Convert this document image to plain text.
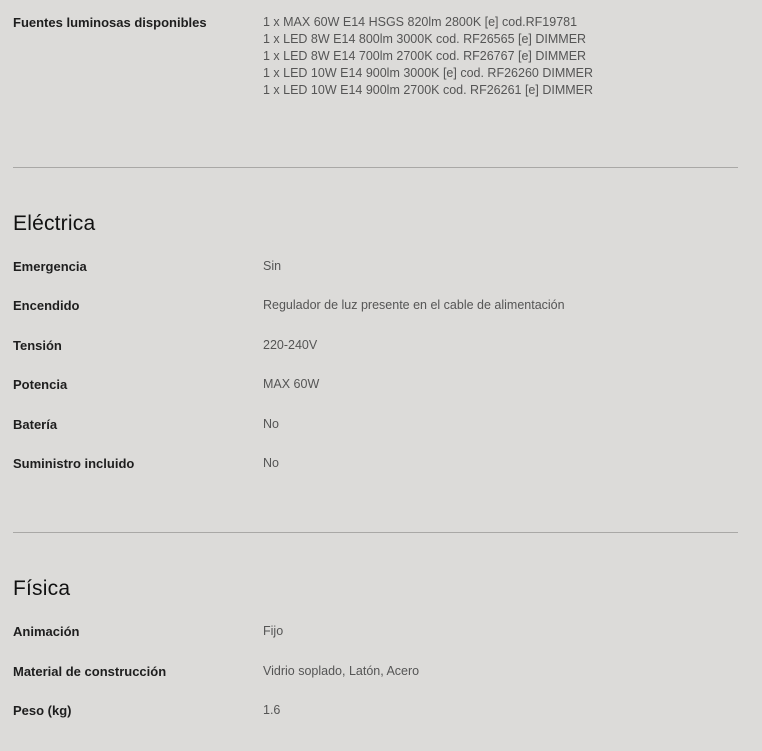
Fuentes luminosas disponibles	1 x MAX 60W E14 HSGS 820lm 2800K [e] cod.RF19781
1 x LED 8W E14 800lm 3000K cod. RF26565 [e] DIMMER
1 x LED 8W E14 700lm 2700K cod. RF26767 [e] DIMMER
1 x LED 10W E14 900lm 3000K [e] cod. RF26260 DIMMER
1 x LED 10W E14 900lm 2700K cod. RF26261 [e] DIMMER
Eléctrica
Emergencia	Sin
Encendido	Regulador de luz presente en el cable de alimentación
Tensión	220-240V
Potencia	MAX 60W
Batería	No
Suministro incluido	No
Física
Animación	Fijo
Material de construcción	Vidrio soplado, Latón, Acero
Peso (kg)	1.6
